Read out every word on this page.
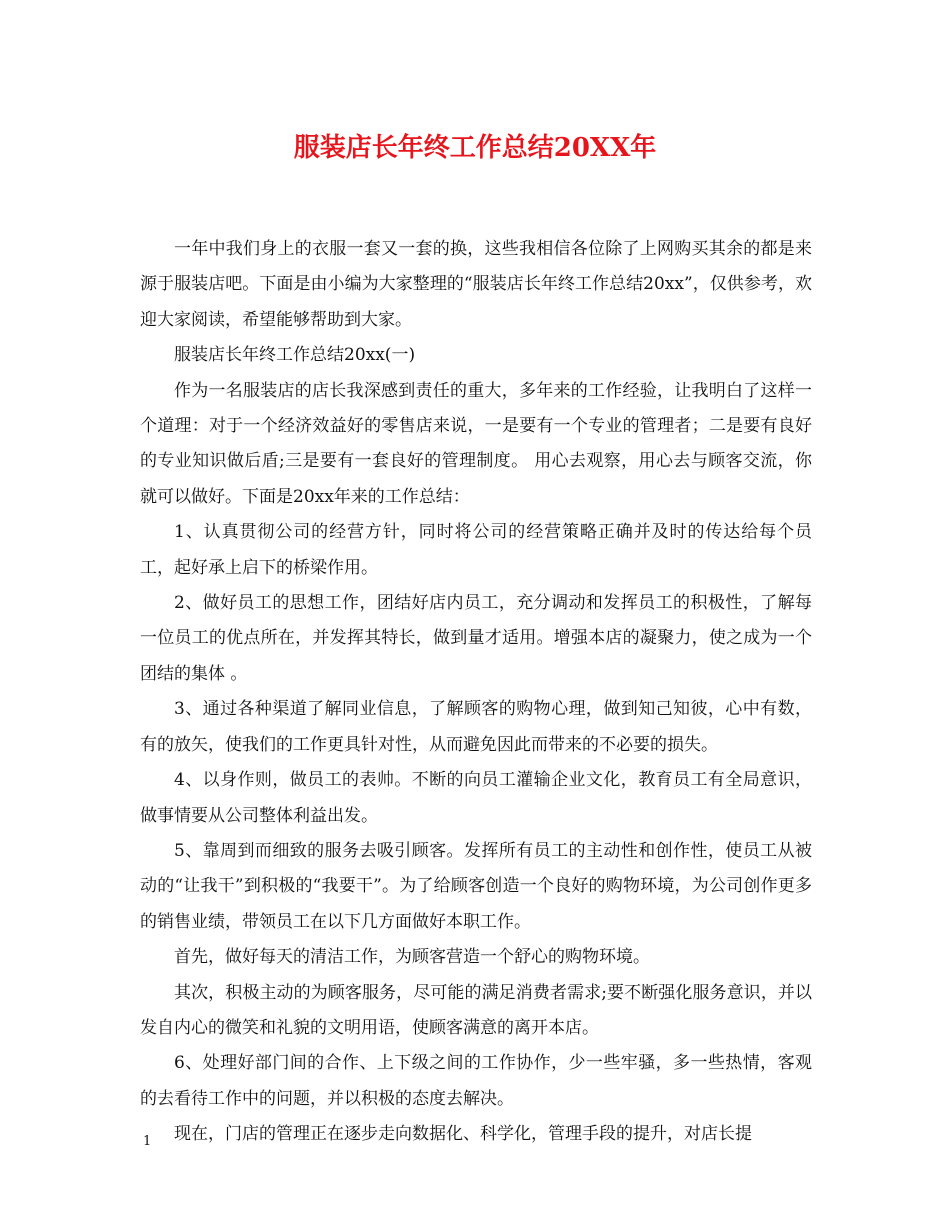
服装店长年终工作总结20XX年

一年中我们身上的衣服一套又一套的换，这些我相信各位除了上网购买其余的都是来源于服装店吧。下面是由小编为大家整理的“服装店长年终工作总结20xx”，仅供参考，欢迎大家阅读，希望能够帮助到大家。

服装店长年终工作总结20xx(一)

作为一名服装店的店长我深感到责任的重大，多年来的工作经验，让我明白了这样一个道理：对于一个经济效益好的零售店来说，一是要有一个专业的管理者；二是要有良好的专业知识做后盾;三是要有一套良好的管理制度。 用心去观察，用心去与顾客交流，你就可以做好。下面是20xx年来的工作总结：

1、认真贯彻公司的经营方针，同时将公司的经营策略正确并及时的传达给每个员工，起好承上启下的桥梁作用。

2、做好员工的思想工作，团结好店内员工，充分调动和发挥员工的积极性，了解每一位员工的优点所在，并发挥其特长，做到量才适用。增强本店的凝聚力，使之成为一个团结的集体 。

3、通过各种渠道了解同业信息，了解顾客的购物心理，做到知己知彼，心中有数，有的放矢，使我们的工作更具针对性，从而避免因此而带来的不必要的损失。

4、以身作则，做员工的表帅。不断的向员工灌输企业文化，教育员工有全局意识，做事情要从公司整体利益出发。

5、靠周到而细致的服务去吸引顾客。发挥所有员工的主动性和创作性，使员工从被动的“让我干”到积极的“我要干”。为了给顾客创造一个良好的购物环境，为公司创作更多的销售业绩，带领员工在以下几方面做好本职工作。

首先，做好每天的清洁工作，为顾客营造一个舒心的购物环境。

其次，积极主动的为顾客服务，尽可能的满足消费者需求;要不断强化服务意识，并以发自内心的微笑和礼貌的文明用语，使顾客满意的离开本店。

6、处理好部门间的合作、上下级之间的工作协作，少一些牢骚，多一些热情，客观的去看待工作中的问题，并以积极的态度去解决。

现在，门店的管理正在逐步走向数据化、科学化，管理手段的提升，对店长提

1
